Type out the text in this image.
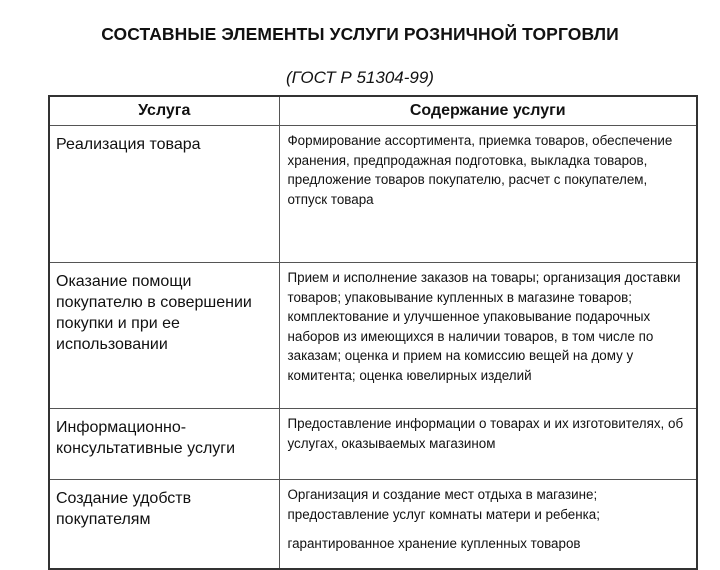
СОСТАВНЫЕ ЭЛЕМЕНТЫ УСЛУГИ РОЗНИЧНОЙ ТОРГОВЛИ
(ГОСТ Р 51304-99)
Услуга	Содержание услуги
Реализация товара	Формирование ассортимента, приемка товаров, обеспечение хранения, предпродажная подготовка, выкладка товаров, предложение товаров покупателю, расчет с покупателем, отпуск товара
Оказание помощи покупателю в совершении покупки и при ее использовании	Прием и исполнение заказов на товары; организация доставки товаров; упаковывание купленных в магазине товаров; комплектование и улучшенное упаковывание подарочных наборов из имеющихся в наличии товаров, в том числе по заказам; оценка и прием на комиссию вещей на дому у комитента; оценка ювелирных изделий
Информационно-консультативные услуги	Предоставление информации о товарах и их изготовителях, об услугах, оказываемых магазином
Создание удобств покупателям	Организация и создание мест отдыха в магазине; предоставление услуг комнаты матери и ребенка;
гарантированное хранение купленных товаров
